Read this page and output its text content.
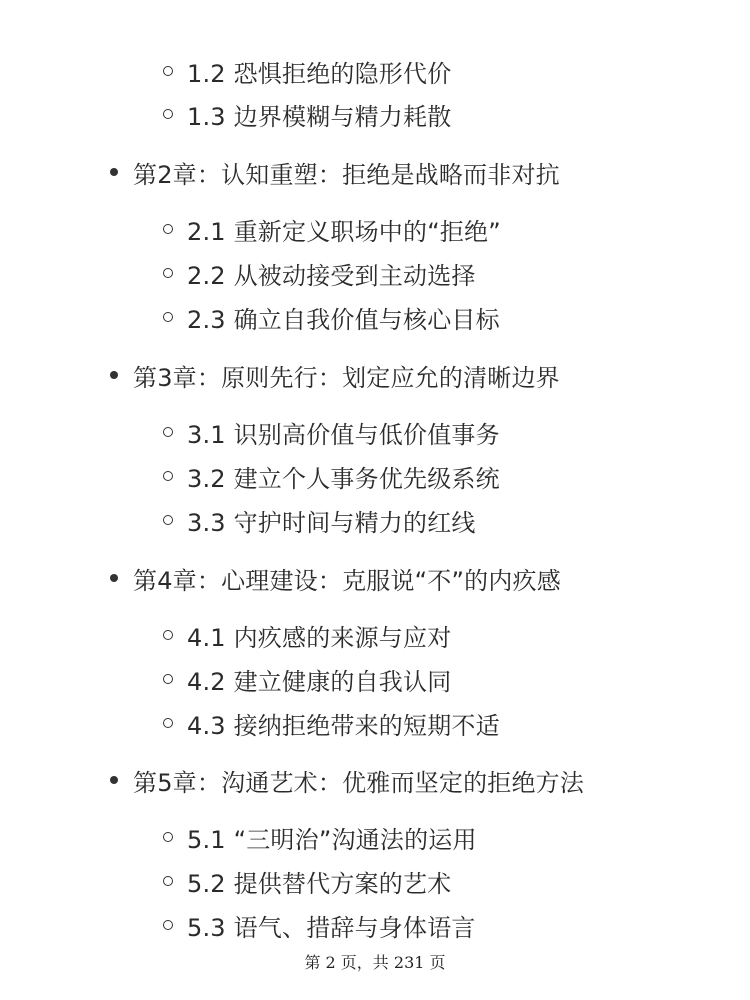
1.2 恐惧拒绝的隐形代价
1.3 边界模糊与精力耗散
第2章：认知重塑：拒绝是战略而非对抗
2.1 重新定义职场中的“拒绝”
2.2 从被动接受到主动选择
2.3 确立自我价值与核心目标
第3章：原则先行：划定应允的清晰边界
3.1 识别高价值与低价值事务
3.2 建立个人事务优先级系统
3.3 守护时间与精力的红线
第4章：心理建设：克服说“不”的内疚感
4.1 内疚感的来源与应对
4.2 建立健康的自我认同
4.3 接纳拒绝带来的短期不适
第5章：沟通艺术：优雅而坚定的拒绝方法
5.1 “三明治”沟通法的运用
5.2 提供替代方案的艺术
5.3 语气、措辞与身体语言
第 2 页，共 231 页
